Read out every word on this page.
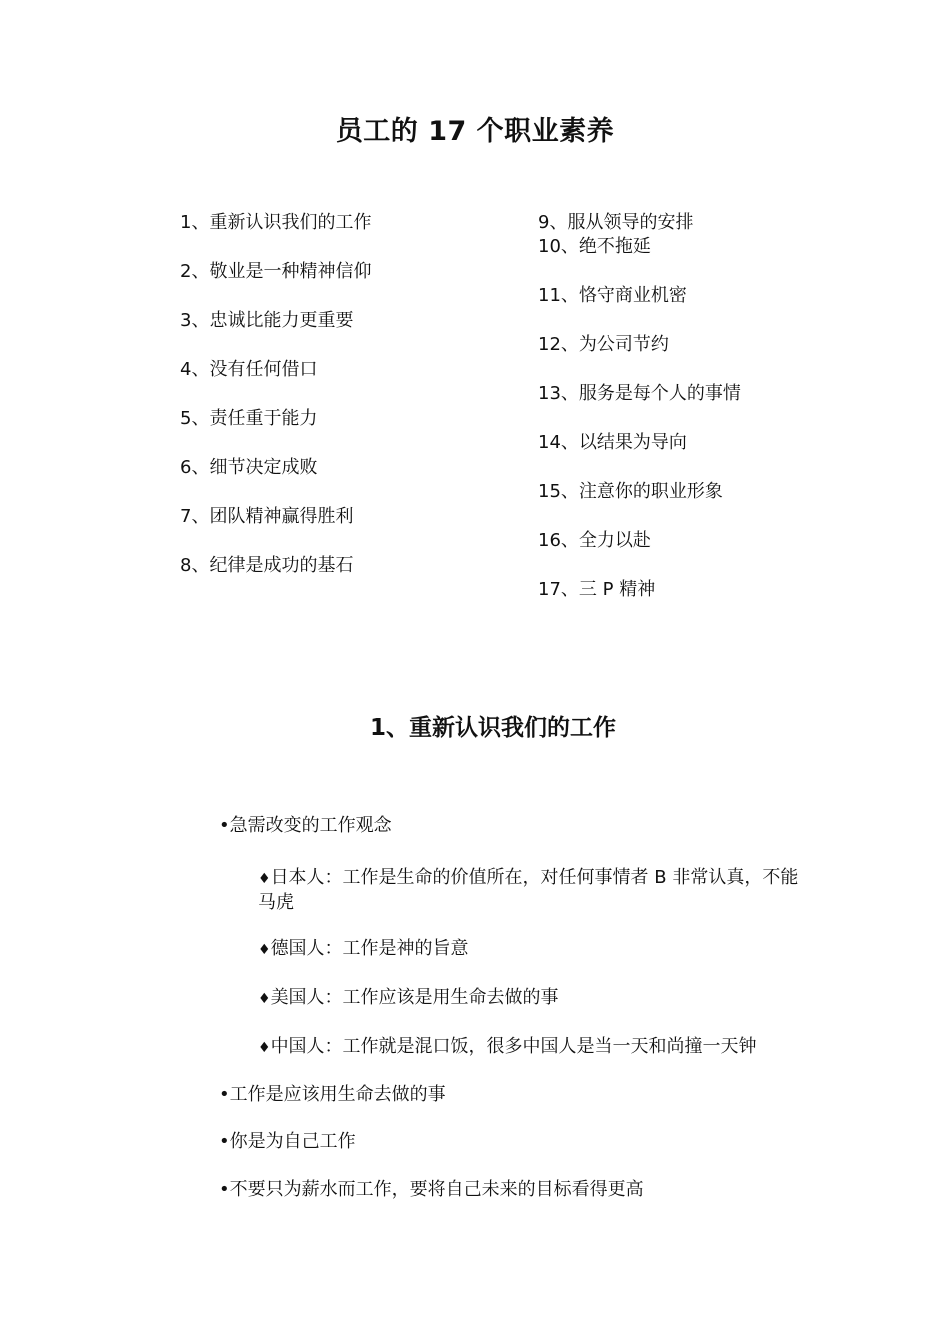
员工的 17 个职业素养
1、重新认识我们的工作
2、敬业是一种精神信仰
3、忠诚比能力更重要
4、没有任何借口
5、责任重于能力
6、细节决定成败
7、团队精神赢得胜利
8、纪律是成功的基石
9、服从领导的安排
10、绝不拖延
11、恪守商业机密
12、为公司节约
13、服务是每个人的事情
14、以结果为导向
15、注意你的职业形象
16、全力以赴
17、三 P 精神
1、重新认识我们的工作
•急需改变的工作观念
♦日本人：工作是生命的价值所在，对任何事情者 B 非常认真，不能马虎
♦德国人：工作是神的旨意
♦美国人：工作应该是用生命去做的事
♦中国人：工作就是混口饭，很多中国人是当一天和尚撞一天钟
•工作是应该用生命去做的事
•你是为自己工作
•不要只为薪水而工作，要将自己未来的目标看得更高
